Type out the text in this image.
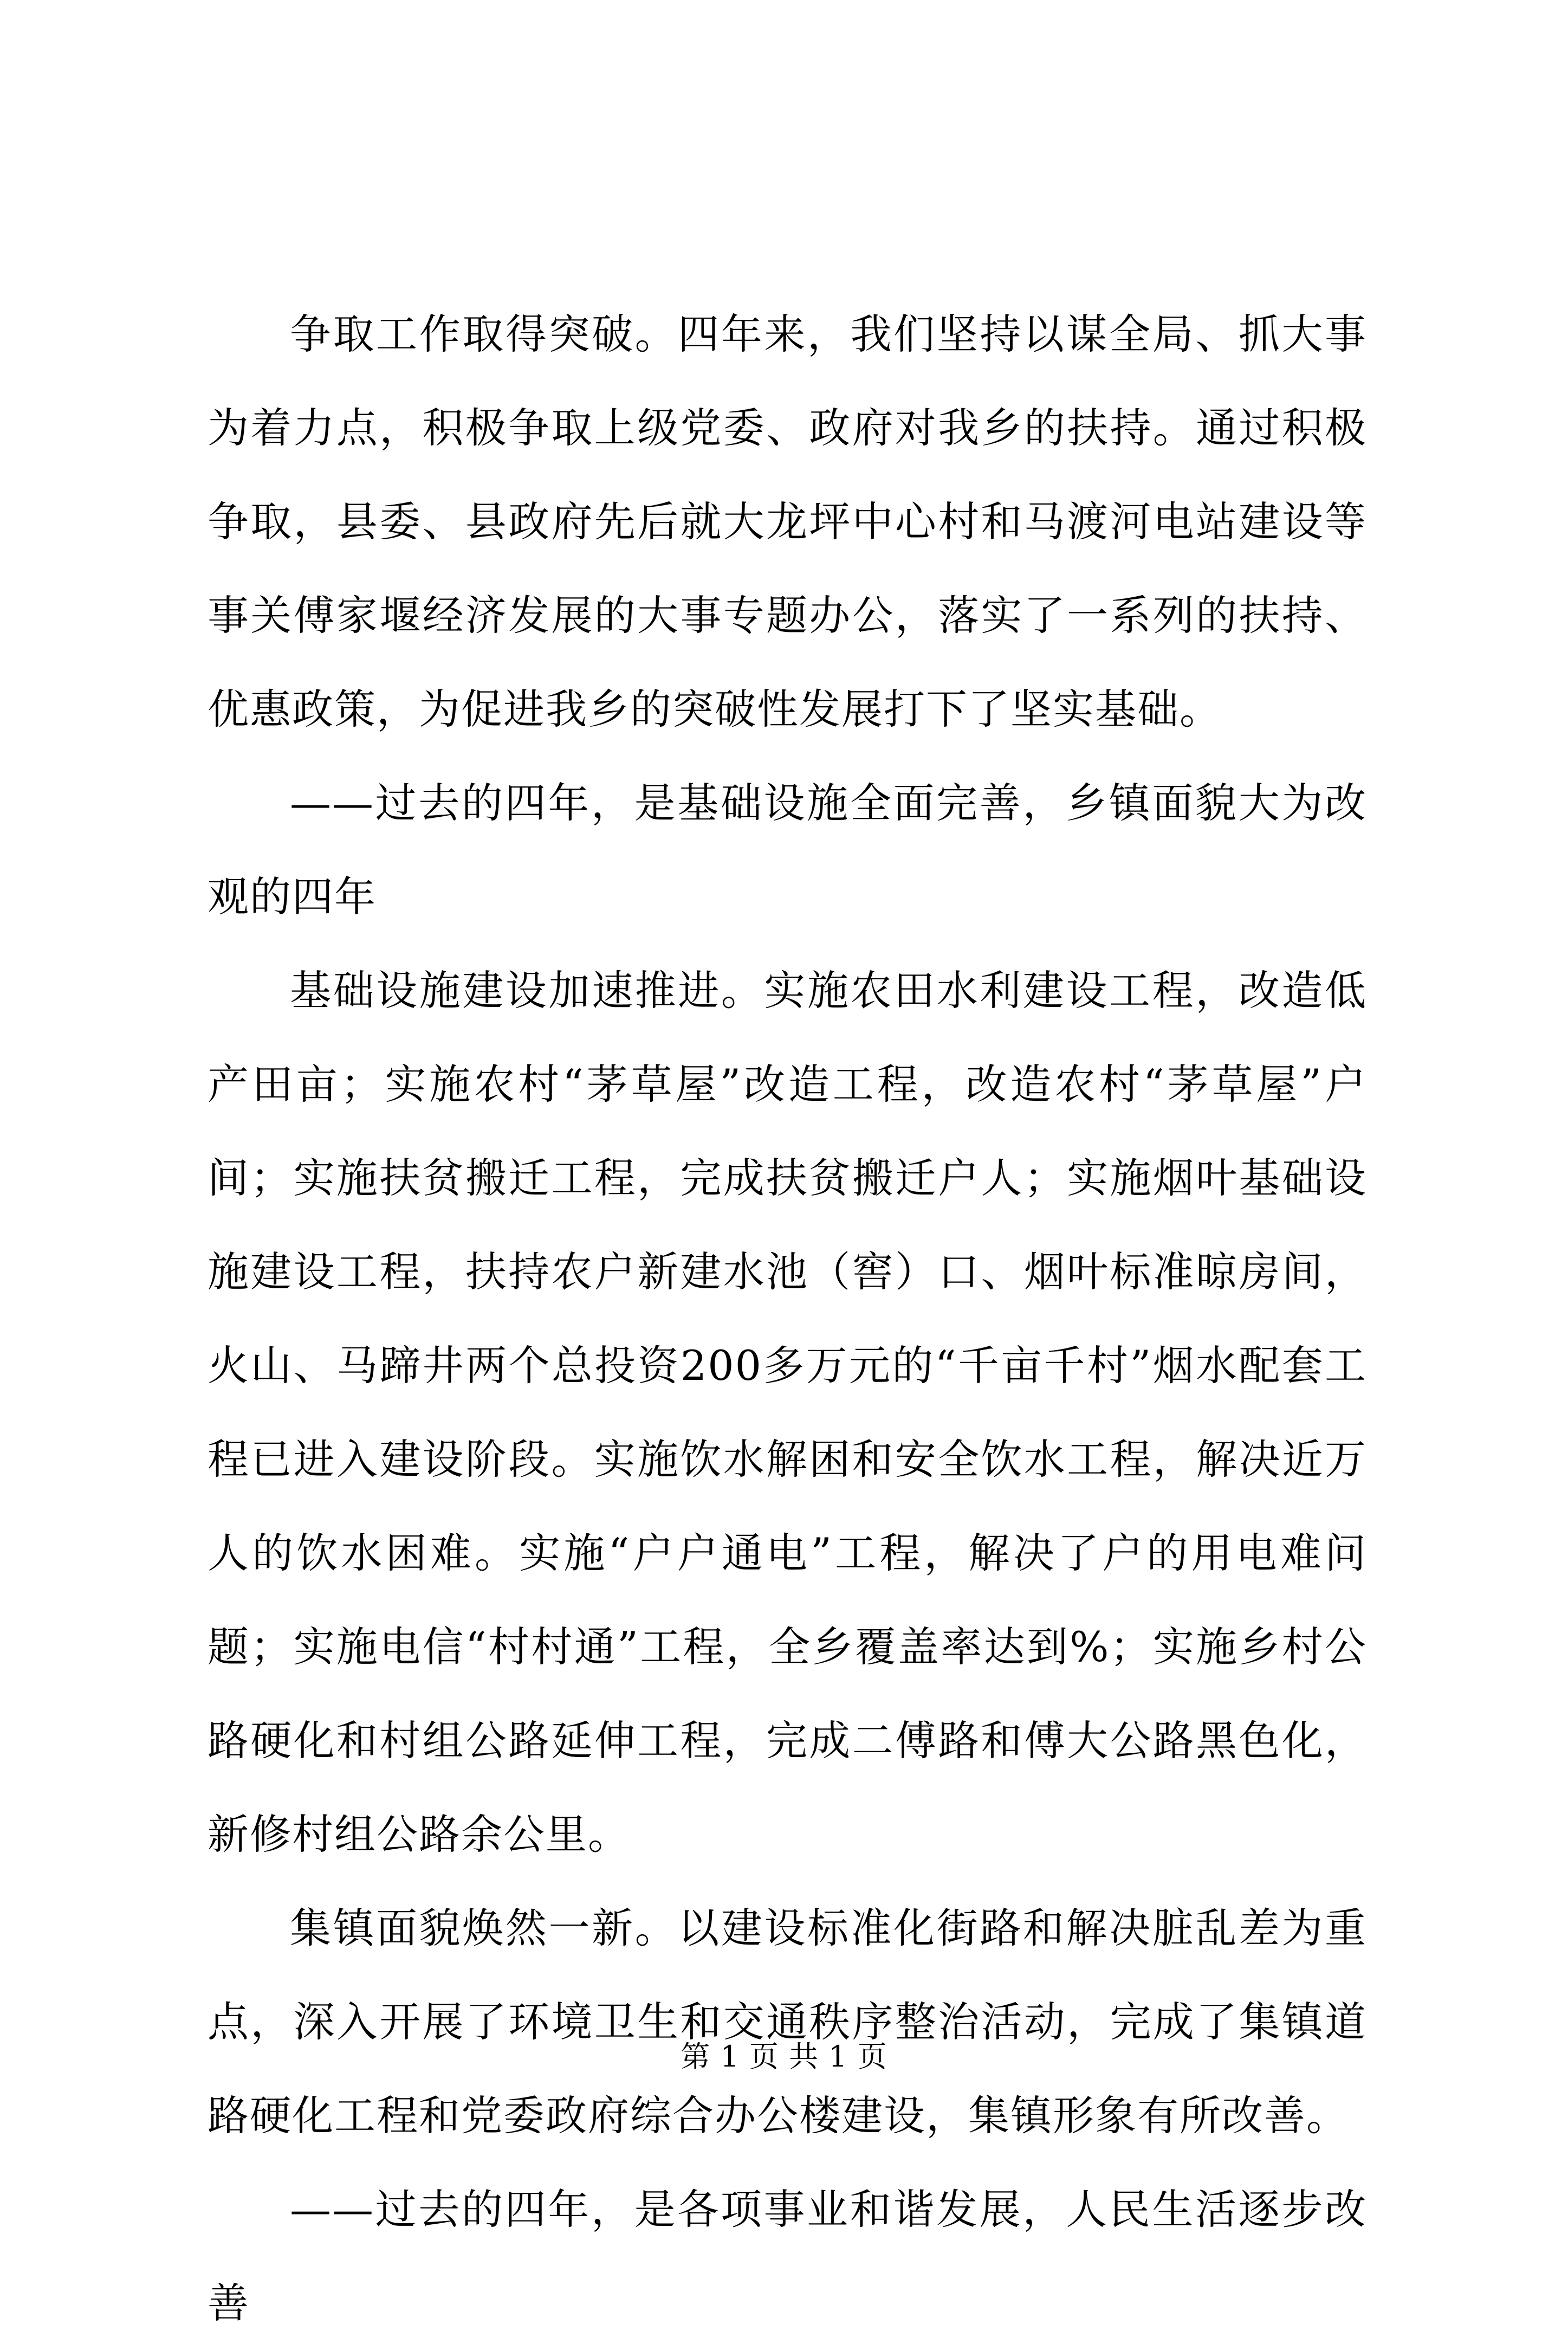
争取工作取得突破。四年来，我们坚持以谋全局、抓大事为着力点，积极争取上级党委、政府对我乡的扶持。通过积极争取，县委、县政府先后就大龙坪中心村和马渡河电站建设等事关傅家堰经济发展的大事专题办公，落实了一系列的扶持、优惠政策，为促进我乡的突破性发展打下了坚实基础。

——过去的四年，是基础设施全面完善，乡镇面貌大为改观的四年

基础设施建设加速推进。实施农田水利建设工程，改造低产田亩；实施农村“茅草屋”改造工程，改造农村“茅草屋”户间；实施扶贫搬迁工程，完成扶贫搬迁户人；实施烟叶基础设施建设工程，扶持农户新建水池（窖）口、烟叶标准晾房间，火山、马蹄井两个总投资200多万元的“千亩千村”烟水配套工程已进入建设阶段。实施饮水解困和安全饮水工程，解决近万人的饮水困难。实施“户户通电”工程，解决了户的用电难问题；实施电信“村村通”工程，全乡覆盖率达到%；实施乡村公路硬化和村组公路延伸工程，完成二傅路和傅大公路黑色化，新修村组公路余公里。

集镇面貌焕然一新。以建设标准化街路和解决脏乱差为重点，深入开展了环境卫生和交通秩序整治活动，完成了集镇道路硬化工程和党委政府综合办公楼建设，集镇形象有所改善。

——过去的四年，是各项事业和谐发展，人民生活逐步改善

第 1 页 共 1 页
